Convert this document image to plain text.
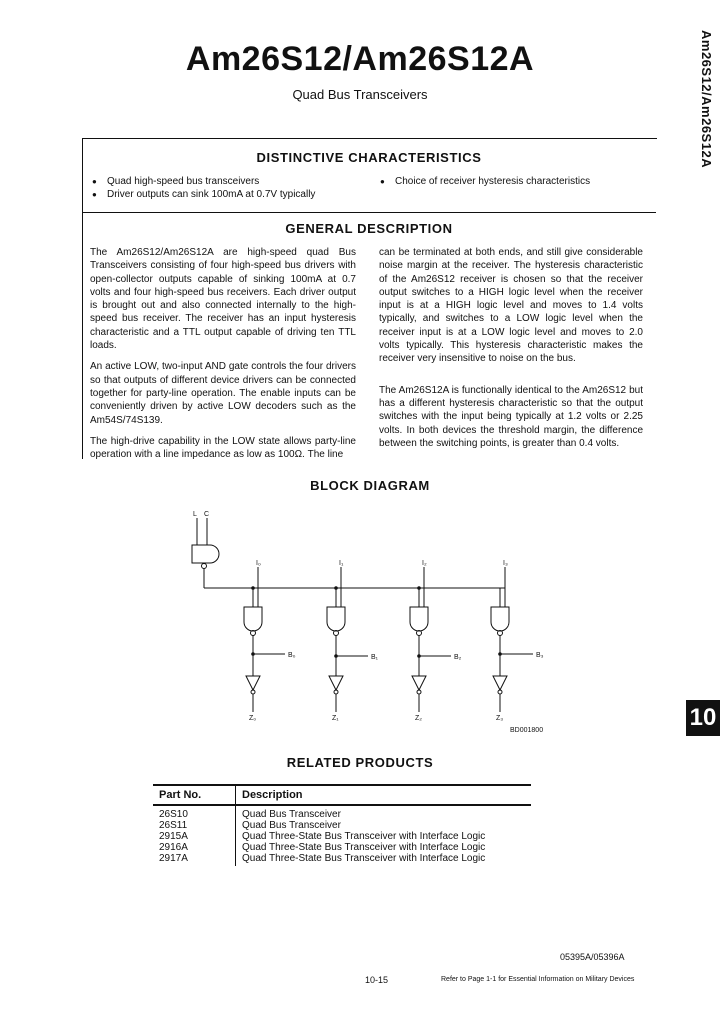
Am26S12/Am26S12A
Quad Bus Transceivers	Am26S12/Am26S12A
DISTINCTIVE CHARACTERISTICS
● Quad high-speed bus transceivers
● Driver outputs can sink 100mA at 0.7V typically
● Choice of receiver hysteresis characteristics
GENERAL DESCRIPTION

The Am26S12/Am26S12A are high-speed quad Bus Transceivers consisting of four high-speed bus drivers with open-collector outputs capable of sinking 100mA at 0.7 volts and four high-speed bus receivers. Each driver output is brought out and also connected internally to the high-speed bus receiver. The receiver has an input hysteresis characteristic and a TTL output capable of driving ten TTL loads.

An active LOW, two-input AND gate controls the four drivers so that outputs of different device drivers can be connected together for party-line operation. The enable inputs can be conveniently driven by active LOW decoders such as the Am54S/74S139.

The high-drive capability in the LOW state allows party-line operation with a line impedance as low as 100Ω. The line

can be terminated at both ends, and still give considerable noise margin at the receiver. The hysteresis characteristic of the Am26S12 receiver is chosen so that the receiver output switches to a HIGH logic level when the receiver input is at a HIGH logic level and moves to 1.4 volts typically, and switches to a LOW logic level when the receiver input is at a LOW logic level and moves to 2.0 volts typically. This hysteresis characteristic makes the receiver very insensitive to noise on the bus.

The Am26S12A is functionally identical to the Am26S12 but has a different hysteresis characteristic so that the output switches with the input being typically at 1.2 volts or 2.25 volts. In both devices the threshold margin, the difference between the switching points, is greater than 0.4 volts.

BLOCK DIAGRAM
L C
I₀	I₁	I₂	I₃
B₀	B₁	B₂	B₃
Z₀	Z₁	Z₂	Z₃
BD001800
RELATED PRODUCTS
Part No.	Description
26S10	Quad Bus Transceiver
26S11	Quad Bus Transceiver
2915A	Quad Three-State Bus Transceiver with Interface Logic
2916A	Quad Three-State Bus Transceiver with Interface Logic
2917A	Quad Three-State Bus Transceiver with Interface Logic
10
05395A/05396A
10-15	Refer to Page 1-1 for Essential Information on Military Devices
